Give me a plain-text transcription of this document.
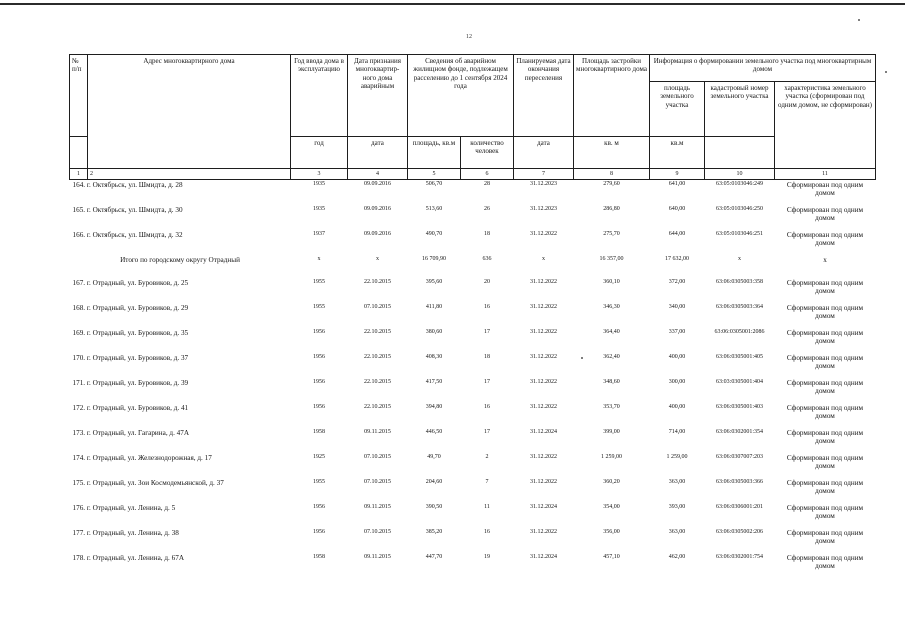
12
№ п/п	Адрес многоквартирного дома	Год ввода дома в эксплуатацию	Дата признания многоквартир-ного дома аварийным	Сведения об аварийном жилищном фонде, подлежащем расселению до 1 сентября 2024 года		Планируемая дата окончания переселения	Площадь застройки многоквартирного дома	Информация о формировании земельного участка под многоквартирным домом		
								площадь земельного участка	кадастровый номер земельного участка	характеристика земельного участка (сформирован под одним домом, не сформирован)
		год	дата	площадь, кв.м	количество человек	дата	кв. м	кв.м		
1	2	3	4	5	6	7	8	9	10	11
164. г. Октябрьск, ул. Шмидта, д. 28		1935	09.09.2016	506,70	28	31.12.2023	279,60	641,00	63:05:0103046:249	Сформирован под одним домом
165. г. Октябрьск, ул. Шмидта, д. 30		1935	09.09.2016	513,60	26	31.12.2023	286,80	640,00	63:05:0103046:250	Сформирован под одним домом
166. г. Октябрьск, ул. Шмидта, д. 32		1937	09.09.2016	490,70	18	31.12.2022	275,70	644,00	63:05:0103046:251	Сформирован под одним домом
Итого по городскому округу Отрадный		x	x	16 709,90	636	x	16 357,00	17 632,00	x	x
167. г. Отрадный, ул. Буровиков, д. 25		1955	22.10.2015	395,60	20	31.12.2022	360,10	372,00	63:06:0305003:358	Сформирован под одним домом
168. г. Отрадный, ул. Буровиков, д. 29		1955	07.10.2015	411,80	16	31.12.2022	346,30	340,00	63:06:0305003:364	Сформирован под одним домом
169. г. Отрадный, ул. Буровиков, д. 35		1956	22.10.2015	380,60	17	31.12.2022	364,40	337,00	63:06:0305001:2086	Сформирован под одним домом
170. г. Отрадный, ул. Буровиков, д. 37		1956	22.10.2015	408,30	18	31.12.2022	362,40	400,00	63:06:0305001:405	Сформирован под одним домом
171. г. Отрадный, ул. Буровиков, д. 39		1956	22.10.2015	417,50	17	31.12.2022	348,60	300,00	63:03:0305001:404	Сформирован под одним домом
172. г. Отрадный, ул. Буровиков, д. 41		1956	22.10.2015	394,80	16	31.12.2022	353,70	400,00	63:06:0305001:403	Сформирован под одним домом
173. г. Отрадный, ул. Гагарина, д. 47А		1958	09.11.2015	446,50	17	31.12.2024	399,00	714,00	63:06:0302001:354	Сформирован под одним домом
174. г. Отрадный, ул. Железнодорожная, д. 17		1925	07.10.2015	49,70	2	31.12.2022	1 259,00	1 259,00	63:06:0307007:203	Сформирован под одним домом
175. г. Отрадный, ул. Зои Космодемьянской, д. 37		1955	07.10.2015	204,60	7	31.12.2022	360,20	363,00	63:06:0305003:366	Сформирован под одним домом
176. г. Отрадный, ул. Ленина, д. 5		1956	09.11.2015	390,50	11	31.12.2024	354,00	393,00	63:06:0306001:201	Сформирован под одним домом
177. г. Отрадный, ул. Ленина, д. 38		1956	07.10.2015	385,20	16	31.12.2022	356,00	363,00	63:06:0305002:206	Сформирован под одним домом
178. г. Отрадный, ул. Ленина, д. 67А		1958	09.11.2015	447,70	19	31.12.2024	457,10	462,00	63:06:0302001:754	Сформирован под одним домом
